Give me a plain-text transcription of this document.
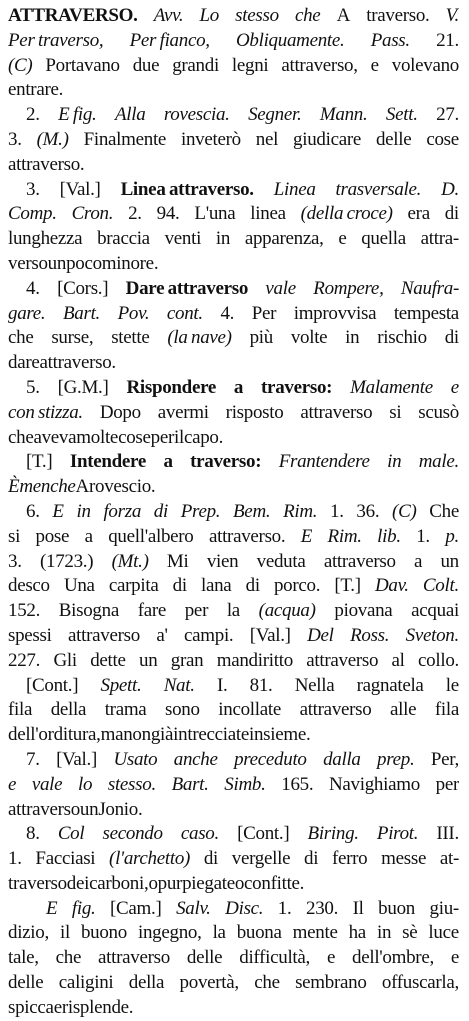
ATTRAVERSO. Avv. Lo stesso che A traverso. V.
Per traverso, Per fianco, Obliquamente. Pass. 21.
(C) Portavano due grandi legni attraverso, e volevano
entrare.
2. E fig. Alla rovescia. Segner. Mann. Sett. 27.
3. (M.) Finalmente inveterò nel giudicare delle cose
attraverso.
3. [Val.] Linea attraverso. Linea trasversale. D.
Comp. Cron. 2. 94. L'una linea (della croce) era di
lunghezza braccia venti in apparenza, e quella attra-
verso un poco minore.
4. [Cors.] Dare attraverso vale Rompere, Naufra-
gare. Bart. Pov. cont. 4. Per improvvisa tempesta
che surse, stette (la nave) più volte in rischio di
dare attraverso.
5. [G.M.] Rispondere a traverso: Malamente e
con stizza. Dopo avermi risposto attraverso si scusò
che aveva molte cose per il capo.
[T.] Intendere a traverso: Frantendere in male.
È men che A rovescio.
6. E in forza di Prep. Bem. Rim. 1. 36. (C) Che
si pose a quell'albero attraverso. E Rim. lib. 1. p.
3. (1723.) (Mt.) Mi vien veduta attraverso a un
desco Una carpita di lana di porco. [T.] Dav. Colt.
152. Bisogna fare per la (acqua) piovana acquai
spessi attraverso a' campi. [Val.] Del Ross. Sveton.
227. Gli dette un gran mandiritto attraverso al collo.
[Cont.] Spett. Nat. I. 81. Nella ragnatela le
fila della trama sono incollate attraverso alle fila
dell'orditura, ma non già intrecciate insieme.
7. [Val.] Usato anche preceduto dalla prep. Per,
e vale lo stesso. Bart. Simb. 165. Navighiamo per
attraverso un Jonio.
8. Col secondo caso. [Cont.] Biring. Pirot. III.
1. Facciasi (l'archetto) di vergelle di ferro messe at-
traverso dei carboni, o pur piegate o confitte.
E fig. [Cam.] Salv. Disc. 1. 230. Il buon giu-
dizio, il buono ingegno, la buona mente ha in sè luce
tale, che attraverso delle difficultà, e dell'ombre, e
delle caligini della povertà, che sembrano offuscarla,
spicca e risplende.
